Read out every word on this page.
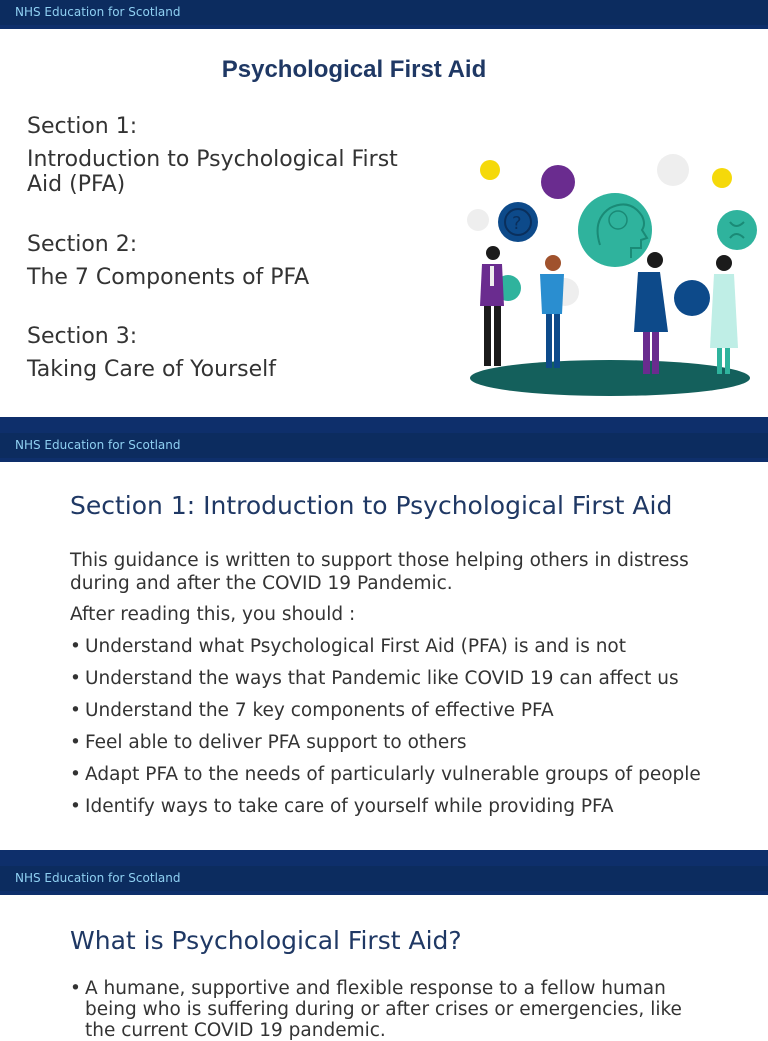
NHS Education for Scotland
Psychological First Aid
Section 1:
Introduction to Psychological First Aid (PFA)
Section 2:
The 7 Components of PFA
Section 3:
Taking Care of Yourself
?
NHS Education for Scotland
Section 1: Introduction to Psychological First Aid

This guidance is written to support those helping others in distress during and after the COVID 19 Pandemic.

After reading this, you should :

• Understand what Psychological First Aid (PFA) is and is not
• Understand the ways that Pandemic like COVID 19 can affect us
• Understand the 7 key components of effective PFA
• Feel able to deliver PFA support to others
• Adapt PFA to the needs of particularly vulnerable groups of people
• Identify ways to take care of yourself while providing PFA
NHS Education for Scotland
What is Psychological First Aid?
• A humane, supportive and flexible response to a fellow human being who is suffering during or after crises or emergencies, like the current COVID 19 pandemic.
